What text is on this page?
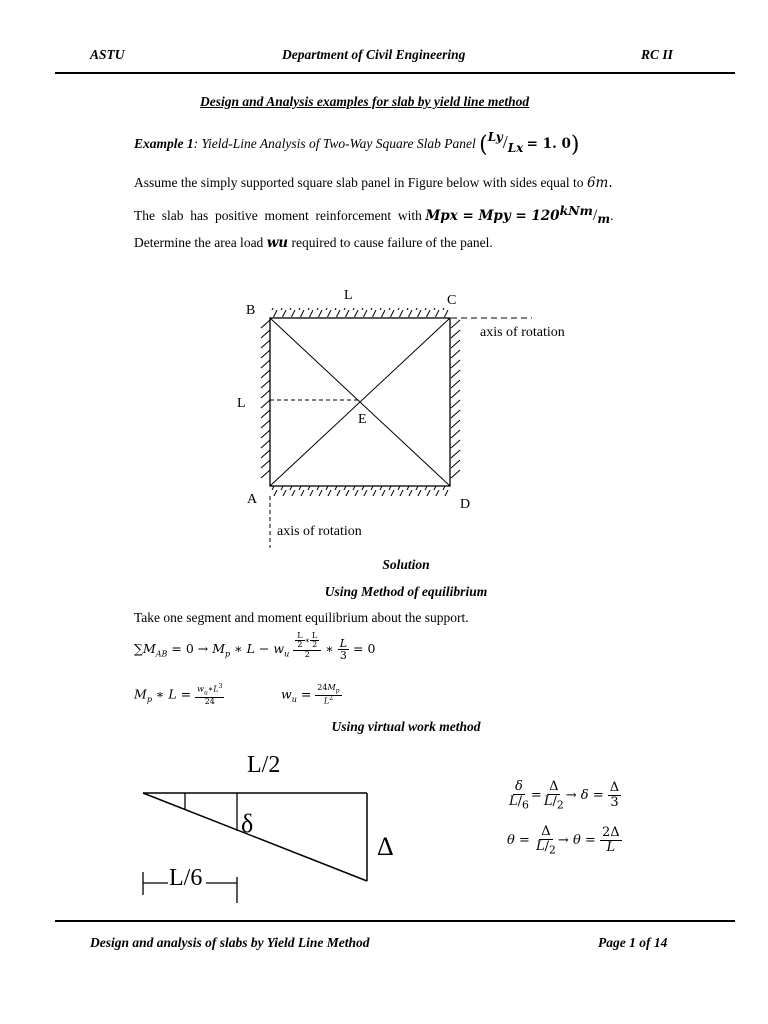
ASTU	Department of Civil Engineering	RC II
Design and Analysis examples for slab by yield line method
Example 1: Yield-Line Analysis of Two-Way Square Slab Panel (Ly/Lx = 1. 0)
Assume the simply supported square slab panel in Figure below with sides equal to 6m.
The  slab  has  positive  moment  reinforcement  with Mpx = Mpy = 120kNm/m.
Determine the area load wu required to cause failure of the panel.
B
C
A	D
E
L
L
axis of rotation
axis of rotation
Solution
Using Method of equilibrium
Take one segment and moment equilibrium about the support.
$\sum M_{AB} = 0 \to M_p$ ∗ $L - w_u \frac{\frac{L}{2} ∗ \frac{L}{2}}{2}$ ∗ $\frac{L}{3} = 0$
$M_p$ ∗ $L = \frac{w_u∗L^3}{24}$	$w_u = \frac{24M_p}{L^2}$
Using virtual work method
L/2
δ
Δ
L/6
$\frac{\delta}{L/_6} = \frac{\Delta}{L/_2} \to \delta = \frac{\Delta}{3}$
$\theta = \frac{\Delta}{L/_2} \to \theta = \frac{2\Delta}{L}$
Design and analysis of slabs by Yield Line Method	Page 1 of 14
